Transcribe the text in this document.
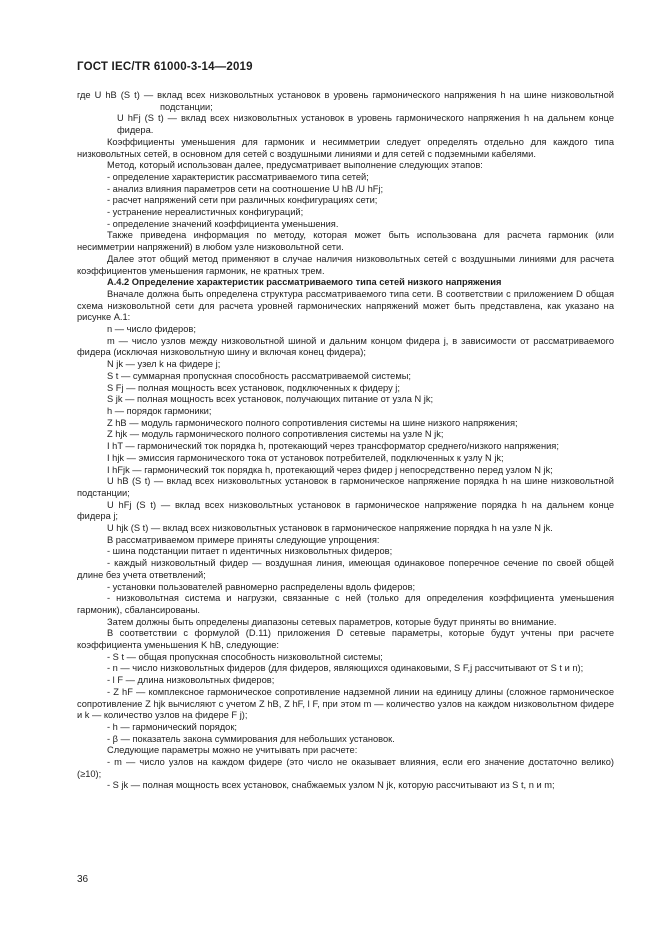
ГОСТ IEC/TR 61000-3-14—2019

где U hB (S t) — вклад всех низковольтных установок в уровень гармонического напряжения h на шине низковольтной подстанции;

U hFj (S t) — вклад всех низковольтных установок в уровень гармонического напряжения h на дальнем конце фидера.

Коэффициенты уменьшения для гармоник и несимметрии следует определять отдельно для каждого типа низковольтных сетей, в основном для сетей с воздушными линиями и для сетей с подземными кабелями.

Метод, который использован далее, предусматривает выполнение следующих этапов:

- определение характеристик рассматриваемого типа сетей;

- анализ влияния параметров сети на соотношение U hB /U hFj;

- расчет напряжений сети при различных конфигурациях сети;

- устранение нереалистичных конфигураций;

- определение значений коэффициента уменьшения.

Также приведена информация по методу, которая может быть использована для расчета гармоник (или несимметрии напряжений) в любом узле низковольтной сети.

Далее этот общий метод применяют в случае наличия низковольтных сетей с воздушными линиями для расчета коэффициентов уменьшения гармоник, не кратных трем.

А.4.2 Определение характеристик рассматриваемого типа сетей низкого напряжения

Вначале должна быть определена структура рассматриваемого типа сети. В соответствии с приложением D общая схема низковольтной сети для расчета уровней гармонических напряжений может быть представлена, как указано на рисунке А.1:

n — число фидеров;

m — число узлов между низковольтной шиной и дальним концом фидера j, в зависимости от рассматриваемого фидера (исключая низковольтную шину и включая конец фидера);

N jk — узел k на фидере j;

S t — суммарная пропускная способность рассматриваемой системы;

S Fj — полная мощность всех установок, подключенных к фидеру j;

S jk — полная мощность всех установок, получающих питание от узла N jk;

h — порядок гармоники;

Z hB — модуль гармонического полного сопротивления системы на шине низкого напряжения;

Z hjk — модуль гармонического полного сопротивления системы на узле N jk;

I hT — гармонический ток порядка h, протекающий через трансформатор среднего/низкого напряжения;

I hjk — эмиссия гармонического тока от установок потребителей, подключенных к узлу N jk;

I hFjk — гармонический ток порядка h, протекающий через фидер j непосредственно перед узлом N jk;

U hB (S t) — вклад всех низковольтных установок в гармоническое напряжение порядка h на шине низковольтной подстанции;

U hFj (S t) — вклад всех низковольтных установок в гармоническое напряжение порядка h на дальнем конце фидера j;

U hjk (S t) — вклад всех низковольтных установок в гармоническое напряжение порядка h на узле N jk.

В рассматриваемом примере приняты следующие упрощения:

- шина подстанции питает n идентичных низковольтных фидеров;

- каждый низковольтный фидер — воздушная линия, имеющая одинаковое поперечное сечение по своей общей длине без учета ответвлений;

- установки пользователей равномерно распределены вдоль фидеров;

- низковольтная система и нагрузки, связанные с ней (только для определения коэффициента уменьшения гармоник), сбалансированы.

Затем должны быть определены диапазоны сетевых параметров, которые будут приняты во внимание.

В соответствии с формулой (D.11) приложения D сетевые параметры, которые будут учтены при расчете коэффициента уменьшения K hB, следующие:

- S t — общая пропускная способность низковольтной системы;

- n — число низковольтных фидеров (для фидеров, являющихся одинаковыми, S F,j рассчитывают от S t и n);

- l F — длина низковольтных фидеров;

- Z hF — комплексное гармоническое сопротивление надземной линии на единицу длины (сложное гармоническое сопротивление Z hjk вычисляют с учетом Z hB, Z hF, l F, при этом m — количество узлов на каждом низковольтном фидере и k — количество узлов на фидере F j);

- h — гармонический порядок;

- β — показатель закона суммирования для небольших установок.

Следующие параметры можно не учитывать при расчете:

- m — число узлов на каждом фидере (это число не оказывает влияния, если его значение достаточно велико) (≥10);

- S jk — полная мощность всех установок, снабжаемых узлом N jk, которую рассчитывают из S t, n и m;

36
